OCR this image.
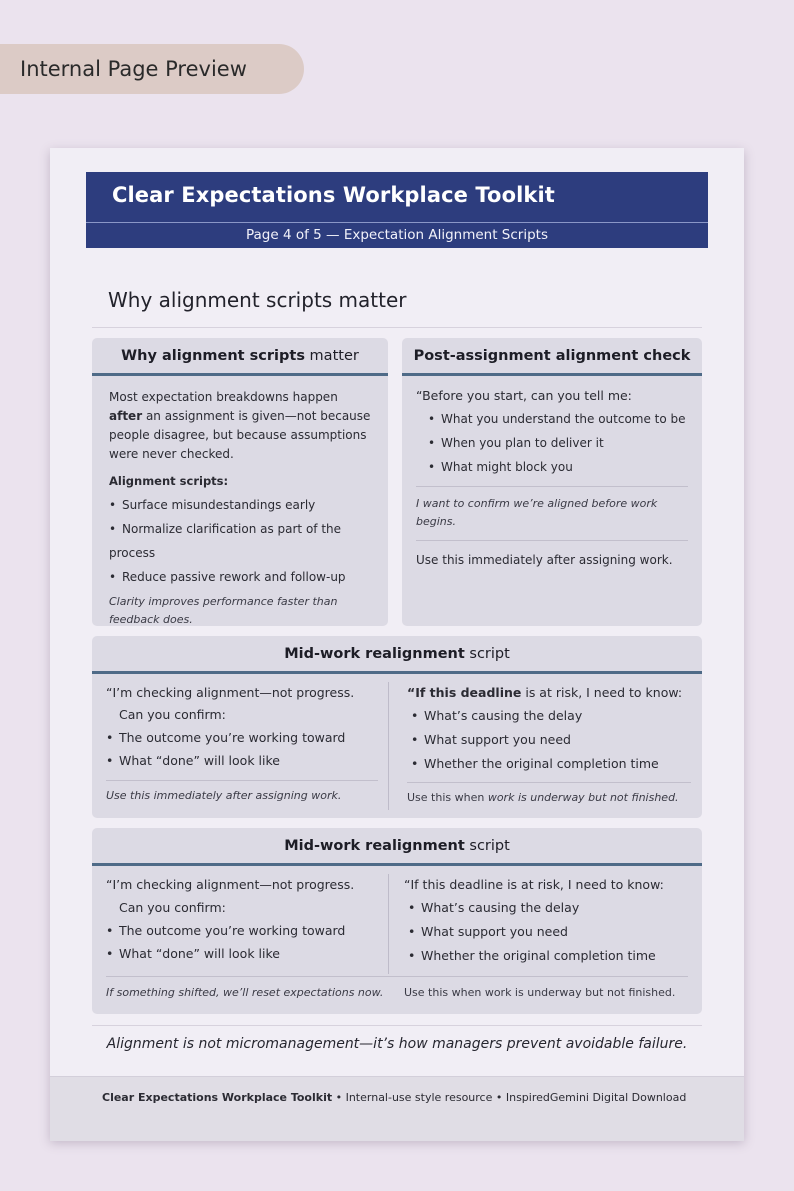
Internal Page Preview
Clear Expectations Workplace Toolkit
Page 4 of 5 — Expectation Alignment Scripts
Why alignment scripts matter
Why alignment scripts matter
Most expectation breakdowns happen after an assignment is given—not because people disagree, but because assumptions were never checked.
Alignment scripts:
• Surface misundestandings early
• Normalize clarification as part of the process
• Reduce passive rework and follow-up
Clarity improves performance faster than feedback does.
Post-assignment alignment check
“Before you start, can you tell me:
• What you understand the outcome to be
• When you plan to deliver it
• What might block you
I want to confirm we’re aligned before work begins.
Use this immediately after assigning work.
Mid-work realignment script
“I’m checking alignment—not progress.
Can you confirm:
• The outcome you’re working toward
• What “done” will look like
Use this immediately after assigning work.
“If this deadline is at risk, I need to know:
• What’s causing the delay
• What support you need
• Whether the original completion time
Use this when work is underway but not finished.
Mid-work realignment script
“I’m checking alignment—not progress.
Can you confirm:
• The outcome you’re working toward
• What “done” will look like
“If this deadline is at risk, I need to know:
• What’s causing the delay
• What support you need
• Whether the original completion time
If something shifted, we’ll reset expectations now.	Use this when work is underway but not finished.
Alignment is not micromanagement—it’s how managers prevent avoidable failure.
Clear Expectations Workplace Toolkit • Internal-use style resource • InspiredGemini Digital Download
